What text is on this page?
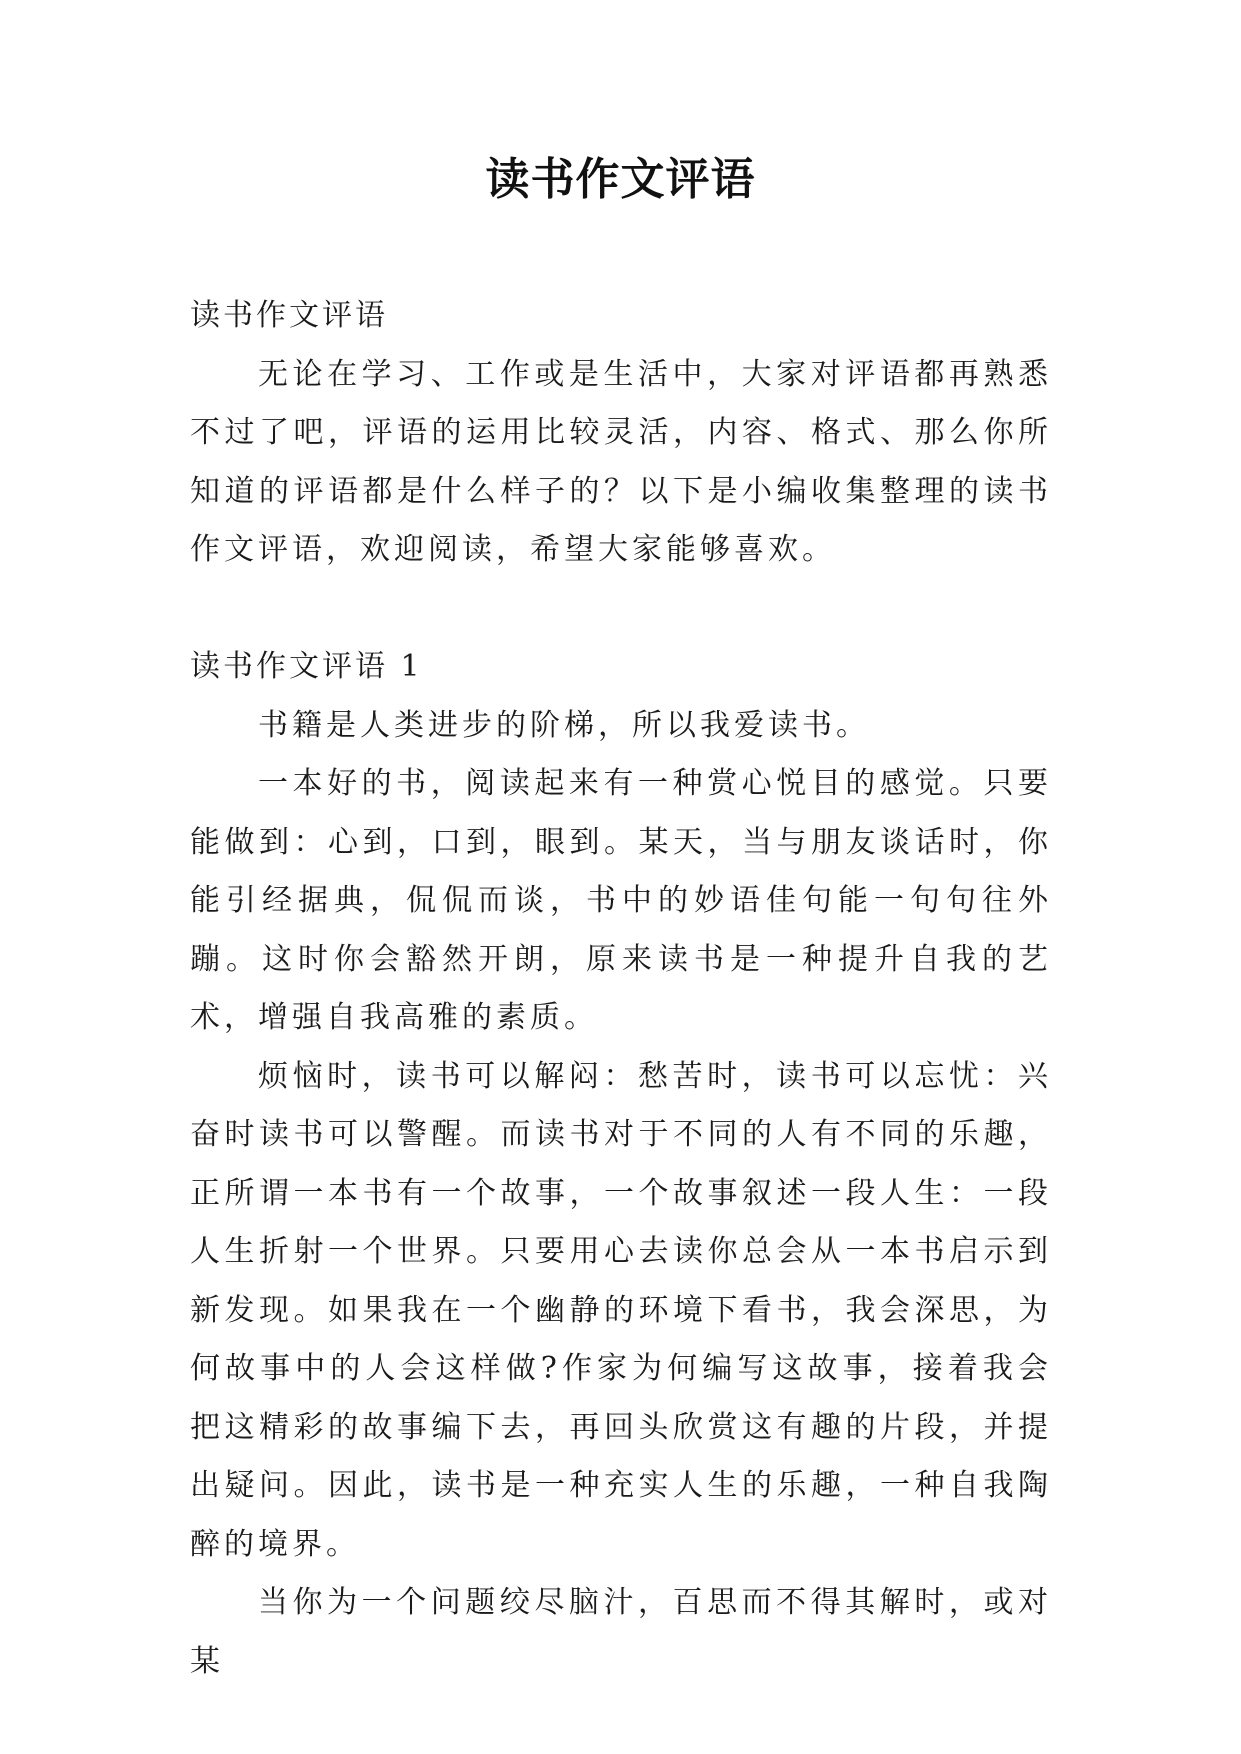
读书作文评语

读书作文评语

无论在学习、工作或是生活中，大家对评语都再熟悉不过了吧，评语的运用比较灵活，内容、格式、那么你所知道的评语都是什么样子的？以下是小编收集整理的读书作文评语，欢迎阅读，希望大家能够喜欢。

读书作文评语 1

书籍是人类进步的阶梯，所以我爱读书。

一本好的书，阅读起来有一种赏心悦目的感觉。只要能做到：心到，口到，眼到。某天，当与朋友谈话时，你能引经据典，侃侃而谈，书中的妙语佳句能一句句往外蹦。这时你会豁然开朗，原来读书是一种提升自我的艺术，增强自我高雅的素质。

烦恼时，读书可以解闷：愁苦时，读书可以忘忧：兴奋时读书可以警醒。而读书对于不同的人有不同的乐趣，正所谓一本书有一个故事，一个故事叙述一段人生：一段人生折射一个世界。只要用心去读你总会从一本书启示到新发现。如果我在一个幽静的环境下看书，我会深思，为何故事中的人会这样做?作家为何编写这故事，接着我会把这精彩的故事编下去，再回头欣赏这有趣的片段，并提出疑问。因此，读书是一种充实人生的乐趣，一种自我陶醉的境界。

当你为一个问题绞尽脑汁，百思而不得其解时，或对某
